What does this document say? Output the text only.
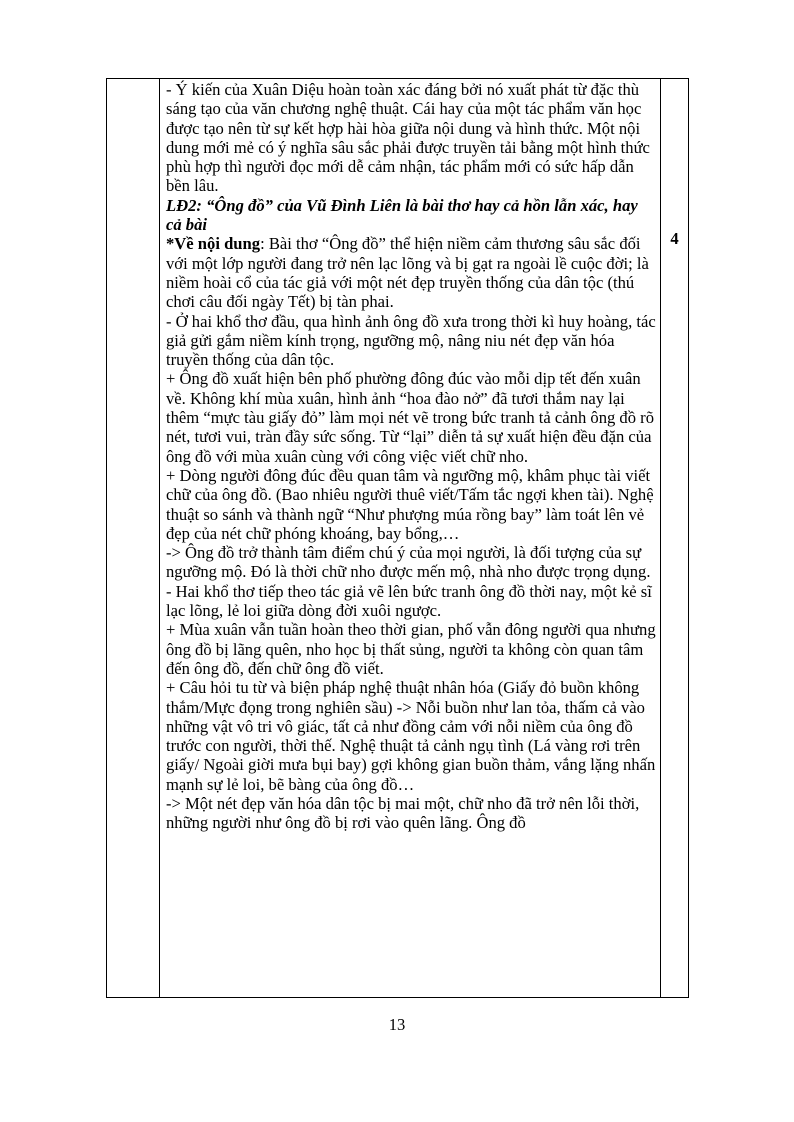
- Ý kiến của Xuân Diệu hoàn toàn xác đáng bởi nó xuất phát từ đặc thù sáng tạo của văn chương nghệ thuật. Cái hay của một tác phẩm văn học được tạo nên từ sự kết hợp hài hòa giữa nội dung và hình thức. Một nội dung mới mẻ có ý nghĩa sâu sắc phải được truyền tải bằng một hình thức phù hợp thì người đọc mới dễ cảm nhận, tác phẩm mới có sức hấp dẫn bền lâu.

LĐ2: “Ông đồ” của Vũ Đình Liên là bài thơ hay cả hồn lẫn xác, hay cả bài

*Về nội dung: Bài thơ “Ông đồ” thể hiện niềm cảm thương sâu sắc đối với một lớp người đang trở nên lạc lõng và bị gạt ra ngoài lề cuộc đời; là niềm hoài cổ của tác giả với một nét đẹp truyền thống của dân tộc (thú chơi câu đối ngày Tết) bị tàn phai.

- Ở hai khổ thơ đầu, qua hình ảnh ông đồ xưa trong thời kì huy hoàng, tác giả gửi gắm niềm kính trọng, ngưỡng mộ, nâng niu nét đẹp văn hóa truyền thống của dân tộc.

+ Ông đồ xuất hiện bên phố phường đông đúc vào mỗi dịp tết đến xuân về. Không khí mùa xuân, hình ảnh “hoa đào nở” đã tươi thắm nay lại thêm “mực tàu giấy đỏ” làm mọi nét vẽ trong bức tranh tả cảnh ông đồ rõ nét, tươi vui, tràn đầy sức sống. Từ “lại” diễn tả sự xuất hiện đều đặn của ông đồ với mùa xuân cùng với công việc viết chữ nho.

+ Dòng người đông đúc đều quan tâm và ngưỡng mộ, khâm phục tài viết chữ của ông đồ. (Bao nhiêu người thuê viết/Tấm tắc ngợi khen tài). Nghệ thuật so sánh và thành ngữ “Như phượng múa rồng bay” làm toát lên vẻ đẹp của nét chữ phóng khoáng, bay bổng,…

-> Ông đồ trở thành tâm điểm chú ý của mọi người, là đối tượng của sự ngưỡng mộ. Đó là thời chữ nho được mến mộ, nhà nho được trọng dụng.

- Hai khổ thơ tiếp theo tác giả vẽ lên bức tranh ông đồ thời nay, một kẻ sĩ lạc lõng, lẻ loi giữa dòng đời xuôi ngược.

+ Mùa xuân vẫn tuần hoàn theo thời gian, phố vẫn đông người qua nhưng ông đồ bị lãng quên, nho học bị thất sủng, người ta không còn quan tâm đến ông đồ, đến chữ ông đồ viết.

+ Câu hỏi tu từ và biện pháp nghệ thuật nhân hóa (Giấy đỏ buồn không thắm/Mực đọng trong nghiên sầu) -> Nỗi buồn như lan tỏa, thấm cả vào những vật vô tri vô giác, tất cả như đồng cảm với nỗi niềm của ông đồ trước con người, thời thế. Nghệ thuật tả cảnh ngụ tình (Lá vàng rơi trên giấy/ Ngoài giời mưa bụi bay) gợi không gian buồn thảm, vắng lặng nhấn mạnh sự lẻ loi, bẽ bàng của ông đồ…

-> Một nét đẹp văn hóa dân tộc bị mai một, chữ nho đã trở nên lỗi thời, những người như ông đồ bị rơi vào quên lãng. Ông đồ

4
13
